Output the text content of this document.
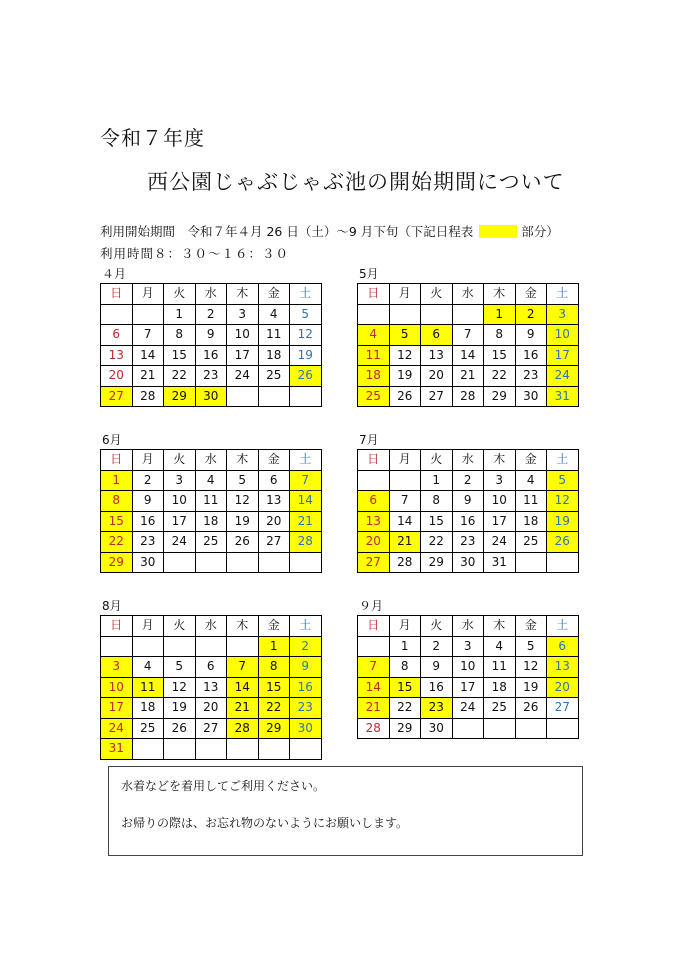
令和７年度
西公園じゃぶじゃぶ池の開始期間について
利用開始期間　令和７年４月 26 日（土）～9 月下旬（下記日程表	部分）
利用時間８：３０～１６：３０
４月
日	月	火	水	木	金	土
		1	2	3	4	5
6	7	8	9	10	11	12
13	14	15	16	17	18	19
20	21	22	23	24	25	26
27	28	29	30			
5月
日	月	火	水	木	金	土
				1	2	3
4	5	6	7	8	9	10
11	12	13	14	15	16	17
18	19	20	21	22	23	24
25	26	27	28	29	30	31
6月
日	月	火	水	木	金	土
1	2	3	4	5	6	7
8	9	10	11	12	13	14
15	16	17	18	19	20	21
22	23	24	25	26	27	28
29	30					
7月
日	月	火	水	木	金	土
		1	2	3	4	5
6	7	8	9	10	11	12
13	14	15	16	17	18	19
20	21	22	23	24	25	26
27	28	29	30	31		
8月
日	月	火	水	木	金	土
					1	2
3	4	5	6	7	8	9
10	11	12	13	14	15	16
17	18	19	20	21	22	23
24	25	26	27	28	29	30
31						
９月
日	月	火	水	木	金	土
	1	2	3	4	5	6
7	8	9	10	11	12	13
14	15	16	17	18	19	20
21	22	23	24	25	26	27
28	29	30				

水着などを着用してご利用ください。

お帰りの際は、お忘れ物のないようにお願いします。
